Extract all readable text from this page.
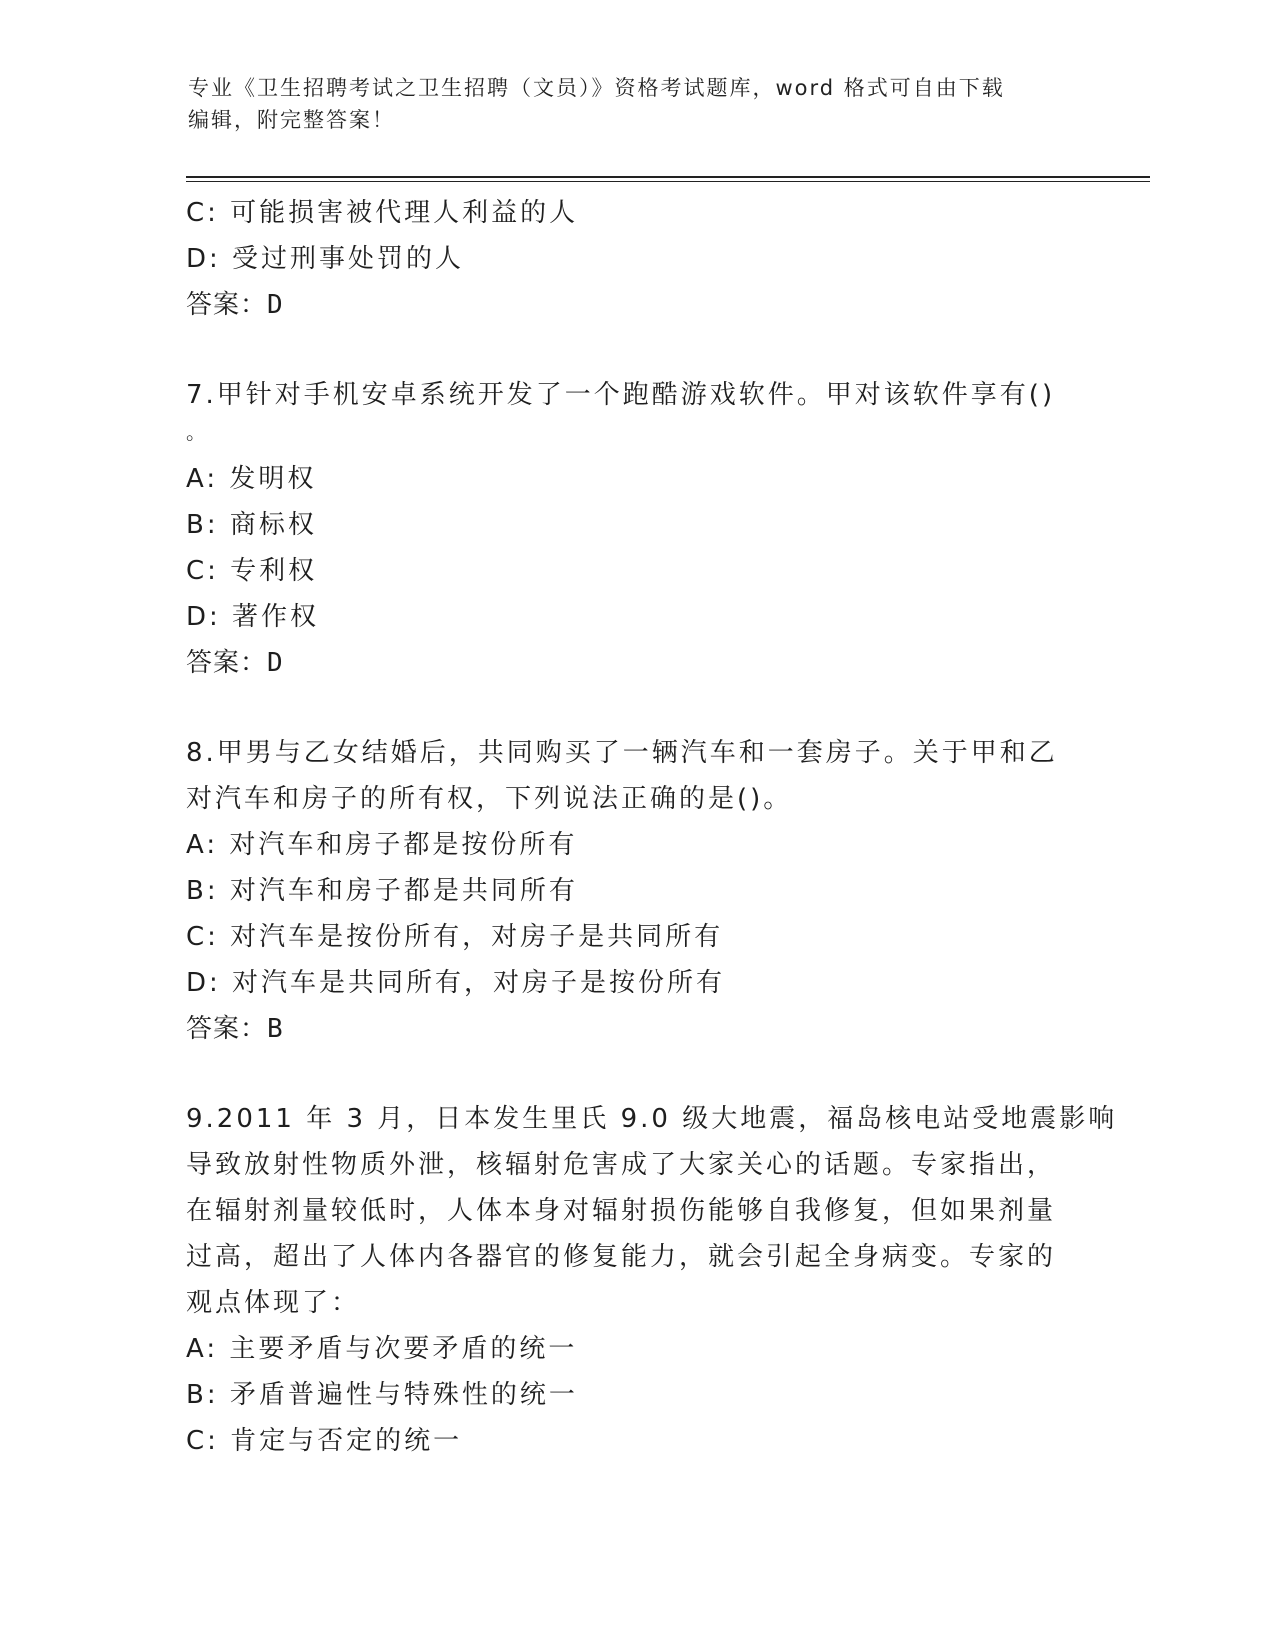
专业《卫生招聘考试之卫生招聘（文员）》资格考试题库，word 格式可自由下载
编辑，附完整答案！
C: 可能损害被代理人利益的人
D: 受过刑事处罚的人
答案：D
7.甲针对手机安卓系统开发了一个跑酷游戏软件。甲对该软件享有()
。
A: 发明权
B: 商标权
C: 专利权
D: 著作权
答案：D
8.甲男与乙女结婚后，共同购买了一辆汽车和一套房子。关于甲和乙
对汽车和房子的所有权，下列说法正确的是()。
A: 对汽车和房子都是按份所有
B: 对汽车和房子都是共同所有
C: 对汽车是按份所有，对房子是共同所有
D: 对汽车是共同所有，对房子是按份所有
答案：B
9.2011 年 3 月，日本发生里氏 9.0 级大地震，福岛核电站受地震影响
导致放射性物质外泄，核辐射危害成了大家关心的话题。专家指出，
在辐射剂量较低时，人体本身对辐射损伤能够自我修复，但如果剂量
过高，超出了人体内各器官的修复能力，就会引起全身病变。专家的
观点体现了：
A: 主要矛盾与次要矛盾的统一
B: 矛盾普遍性与特殊性的统一
C: 肯定与否定的统一
